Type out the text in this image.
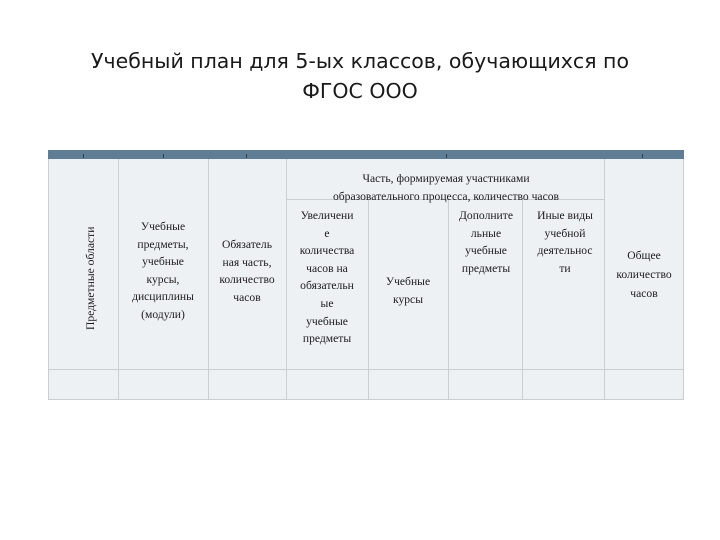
Учебный план для 5-ых классов, обучающихся по
ФГОС ООО
Предметные области
Учебные
предметы,
учебные
курсы,
дисциплины
(модули)
Обязатель
ная часть,
количество
часов
Часть, формируемая участниками
образовательного процесса, количество часов
Увеличени
е
количества
часов на
обязательн
ые
учебные
предметы
Учебные
курсы
Дополните
льные
учебные
предметы
Иные виды
учебной
деятельнос
ти
Общее
количество
часов
